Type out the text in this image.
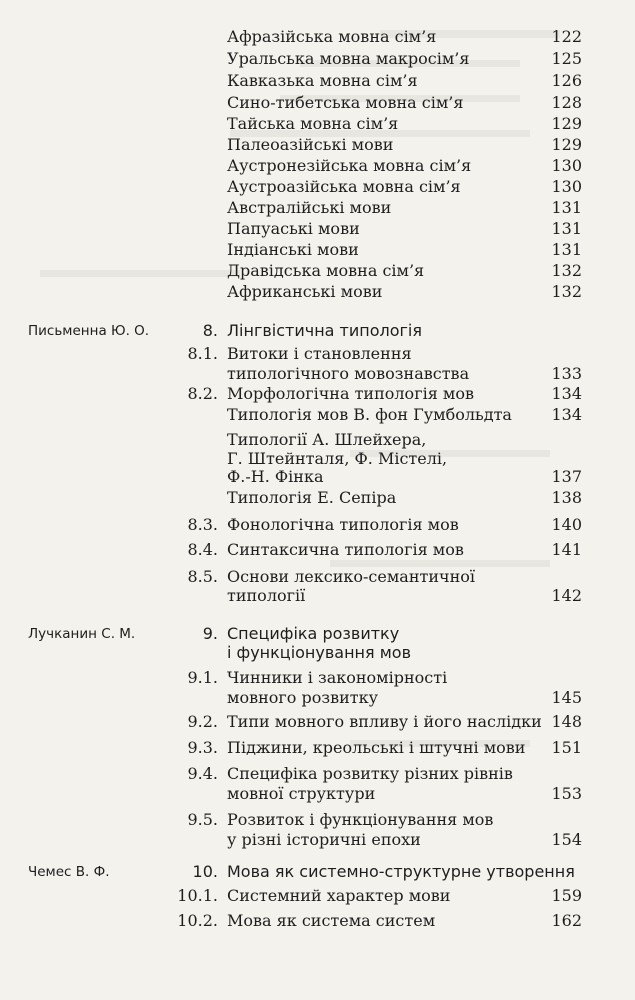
Афразійська мовна сім’я	122
Уральська мовна макросім’я	125
Кавказька мовна сім’я	126
Сино-тибетська мовна сім’я	128
Тайська мовна сім’я	129
Палеоазійські мови	129
Аустронезійська мовна сім’я	130
Аустроазійська мовна сім’я	130
Австралійські мови	131
Папуаські мови	131
Індіанські мови	131
Дравідська мовна сім’я	132
Африканські мови	132
Письменна Ю. О.	8. Лінгвістична типологія
8.1. Витоки і становлення
типологічного мовознавства	133
8.2. Морфологічна типологія мов	134
Типологія мов В. фон Гумбольдта	134
Типології А. Шлейхера,
Г. Штейнталя, Ф. Містелі,
Ф.-Н. Фінка	137
Типологія Е. Сепіра	138
8.3. Фонологічна типологія мов	140
8.4. Синтаксична типологія мов	141
8.5. Основи лексико-семантичної
типології	142
Лучканин С. М.	9. Специфіка розвитку
і функціонування мов
9.1. Чинники і закономірності
мовного розвитку	145
9.2. Типи мовного впливу і його наслідки 148
9.3. Піджини, креольські і штучні мови	151
9.4. Специфіка розвитку різних рівнів
мовної структури	153
9.5. Розвиток і функціонування мов
у різні історичні епохи	154
Чемес В. Ф.	10. Мова як системно-структурне утворення
10.1. Системний характер мови	159
10.2. Мова як система систем	162
